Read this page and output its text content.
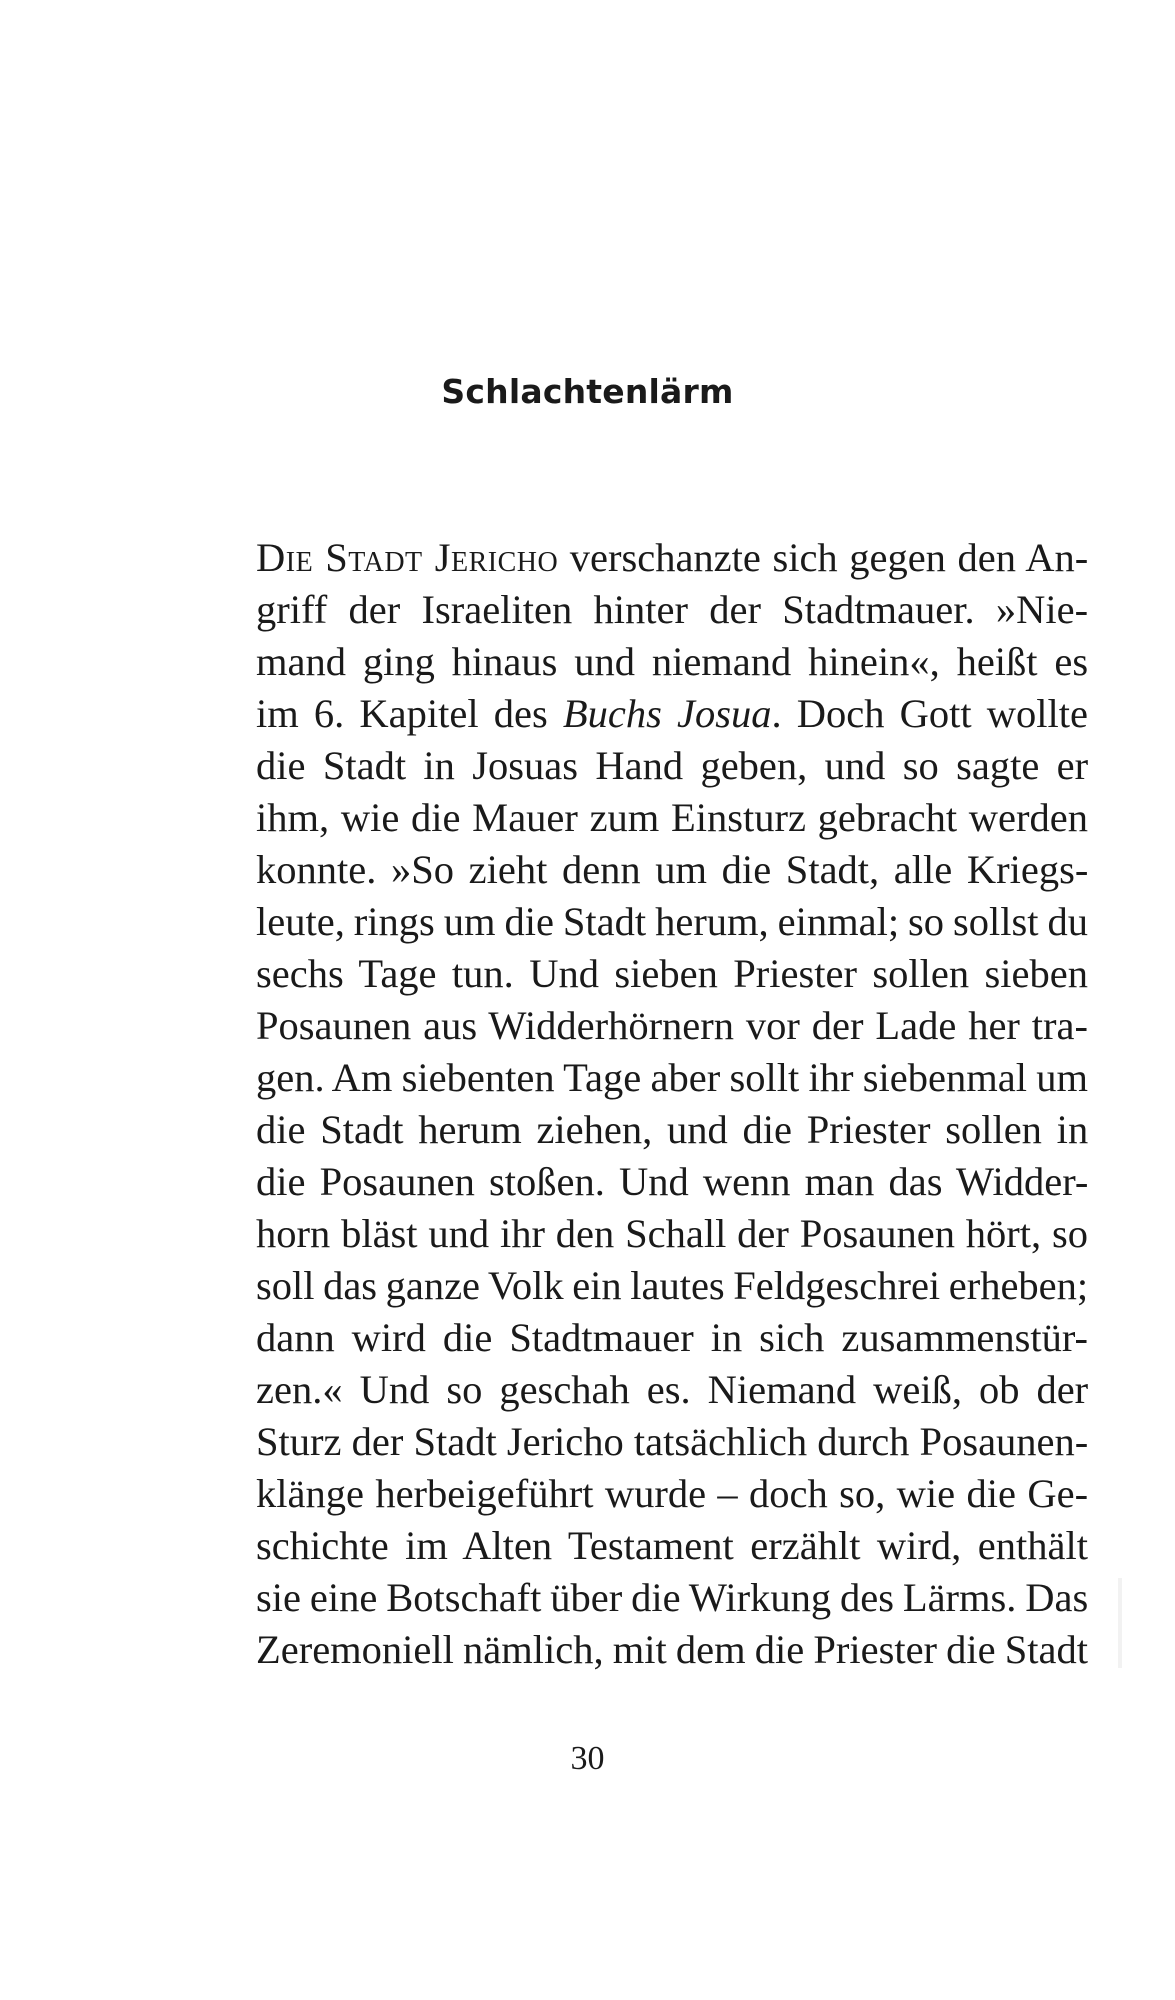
Schlachtenlärm
Die Stadt Jericho verschanzte sich gegen den An-
griff der Israeliten hinter der Stadtmauer. »Nie-
mand ging hinaus und niemand hinein«, heißt es
im 6. Kapitel des Buchs Josua. Doch Gott wollte
die Stadt in Josuas Hand geben, und so sagte er
ihm, wie die Mauer zum Einsturz gebracht werden
konnte. »So zieht denn um die Stadt, alle Kriegs-
leute, rings um die Stadt herum, einmal; so sollst du
sechs Tage tun. Und sieben Priester sollen sieben
Posaunen aus Widderhörnern vor der Lade her tra-
gen. Am siebenten Tage aber sollt ihr siebenmal um
die Stadt herum ziehen, und die Priester sollen in
die Posaunen stoßen. Und wenn man das Widder-
horn bläst und ihr den Schall der Posaunen hört, so
soll das ganze Volk ein lautes Feldgeschrei erheben;
dann wird die Stadtmauer in sich zusammenstür-
zen.« Und so geschah es. Niemand weiß, ob der
Sturz der Stadt Jericho tatsächlich durch Posaunen-
klänge herbeigeführt wurde – doch so, wie die Ge-
schichte im Alten Testament erzählt wird, enthält
sie eine Botschaft über die Wirkung des Lärms. Das
Zeremoniell nämlich, mit dem die Priester die Stadt
30
